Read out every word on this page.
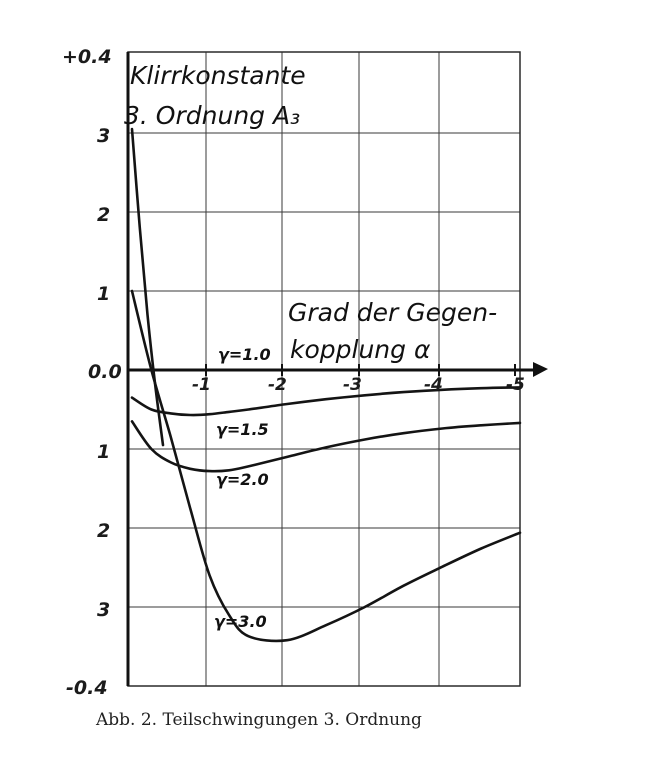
+0.4
3
2
1
0.0
1
2
3
-0.4
-1	-2	-3	-4	-5
γ=1.0
γ=1.5
γ=2.0
γ=3.0
Klirrkonstante
3. Ordnung A₃
Grad der Gegen-
kopplung α
Abb. 2. Teilschwingungen 3. Ordnung
